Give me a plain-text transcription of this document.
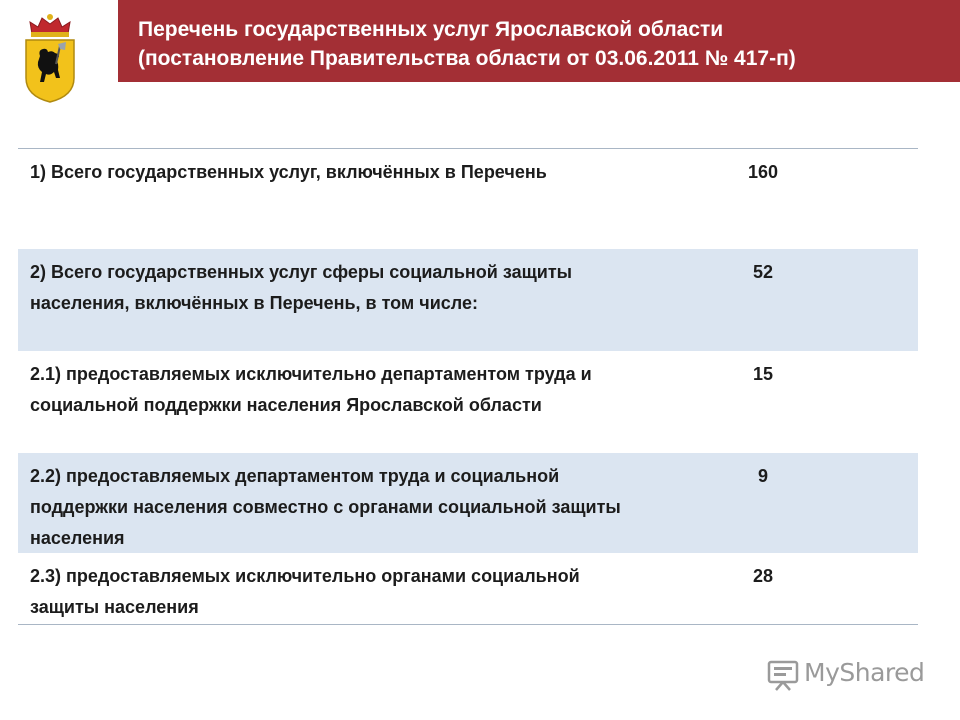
Перечень государственных услуг Ярославской области
(постановление Правительства области от 03.06.2011 № 417-п)
1) Всего государственных услуг, включённых в Перечень	160
2) Всего государственных услуг сферы социальной защиты населения, включённых в Перечень, в том числе:
52
2.1) предоставляемых исключительно департаментом труда и социальной поддержки населения Ярославской области
15
2.2) предоставляемых департаментом труда и социальной поддержки населения совместно с органами социальной защиты населения
9
2.3) предоставляемых исключительно органами социальной защиты населения
28
MyShared
